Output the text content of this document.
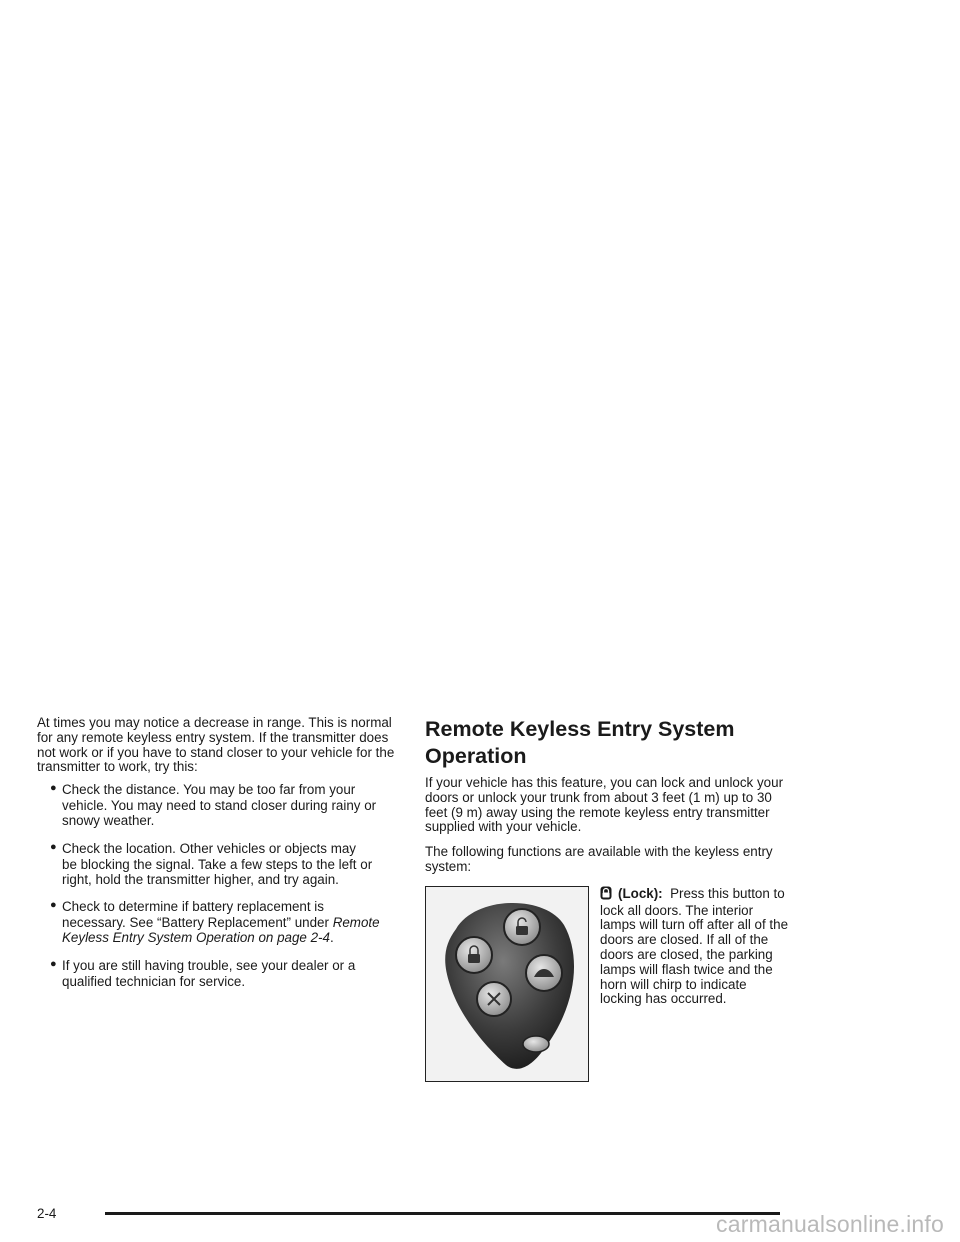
At times you may notice a decrease in range. This is normal for any remote keyless entry system. If the transmitter does not work or if you have to stand closer to your vehicle for the transmitter to work, try this:

● Check the distance. You may be too far from your
vehicle. You may need to stand closer during rainy or snowy weather.
● Check the location. Other vehicles or objects may
be blocking the signal. Take a few steps to the left or right, hold the transmitter higher, and try again.
● Check to determine if battery replacement is
necessary. See “Battery Replacement” under Remote Keyless Entry System Operation on page 2-4.
● If you are still having trouble, see your dealer or a
qualified technician for service.
Remote Keyless Entry System Operation

If your vehicle has this feature, you can lock and unlock your doors or unlock your trunk from about 3 feet (1 m) up to 30 feet (9 m) away using the remote keyless entry transmitter supplied with your vehicle.

The following functions are available with the keyless entry system:

(Lock): Press this button to lock all doors. The interior lamps will turn off after all of the doors are closed. If all of the doors are closed, the parking lamps will flash twice and the horn will chirp to indicate locking has occurred.

2-4	carmanualsonline.info
